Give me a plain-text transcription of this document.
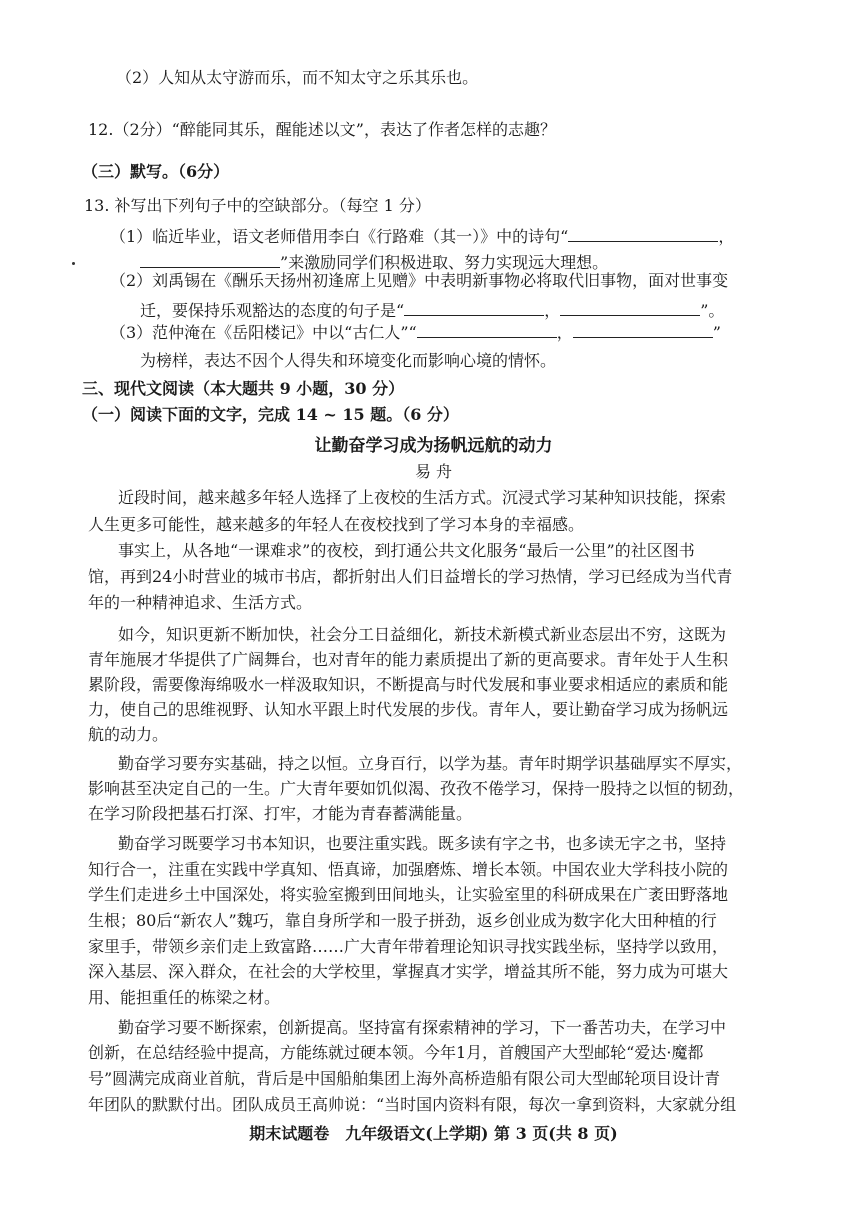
（2）人知从太守游而乐，而不知太守之乐其乐也。
12.（2分）“醉能同其乐，醒能述以文”，表达了作者怎样的志趣？
（三）默写。（6分）
13. 补写出下列句子中的空缺部分。（每空 1 分）
（1）临近毕业，语文老师借用李白《行路难（其一）》中的诗句“	，
”来激励同学们积极进取、努力实现远大理想。
（2）刘禹锡在《酬乐天扬州初逢席上见赠》中表明新事物必将取代旧事物，面对世事变
迁，要保持乐观豁达的态度的句子是“	，	”。
（3）范仲淹在《岳阳楼记》中以“古仁人”“	，	”
为榜样，表达不因个人得失和环境变化而影响心境的情怀。
三、现代文阅读（本大题共 9 小题，30 分）
（一）阅读下面的文字，完成 14 ~ 15 题。（6 分）
让勤奋学习成为扬帆远航的动力
易 舟
近段时间，越来越多年轻人选择了上夜校的生活方式。沉浸式学习某种知识技能，探索
人生更多可能性，越来越多的年轻人在夜校找到了学习本身的幸福感。
事实上，从各地“一课难求”的夜校，到打通公共文化服务“最后一公里”的社区图书
馆，再到24小时营业的城市书店，都折射出人们日益增长的学习热情，学习已经成为当代青
年的一种精神追求、生活方式。
如今，知识更新不断加快，社会分工日益细化，新技术新模式新业态层出不穷，这既为
青年施展才华提供了广阔舞台，也对青年的能力素质提出了新的更高要求。青年处于人生积
累阶段，需要像海绵吸水一样汲取知识，不断提高与时代发展和事业要求相适应的素质和能
力，使自己的思维视野、认知水平跟上时代发展的步伐。青年人，要让勤奋学习成为扬帆远
航的动力。
勤奋学习要夯实基础，持之以恒。立身百行，以学为基。青年时期学识基础厚实不厚实，
影响甚至决定自己的一生。广大青年要如饥似渴、孜孜不倦学习，保持一股持之以恒的韧劲，
在学习阶段把基石打深、打牢，才能为青春蓄满能量。
勤奋学习既要学习书本知识，也要注重实践。既多读有字之书，也多读无字之书，坚持
知行合一，注重在实践中学真知、悟真谛，加强磨炼、增长本领。中国农业大学科技小院的
学生们走进乡土中国深处，将实验室搬到田间地头，让实验室里的科研成果在广袤田野落地
生根；80后“新农人”魏巧，靠自身所学和一股子拼劲，返乡创业成为数字化大田种植的行
家里手，带领乡亲们走上致富路……广大青年带着理论知识寻找实践坐标，坚持学以致用，
深入基层、深入群众，在社会的大学校里，掌握真才实学，增益其所不能，努力成为可堪大
用、能担重任的栋梁之材。
勤奋学习要不断探索，创新提高。坚持富有探索精神的学习，下一番苦功夫，在学习中
创新，在总结经验中提高，方能练就过硬本领。今年1月，首艘国产大型邮轮“爱达·魔都
号”圆满完成商业首航，背后是中国船舶集团上海外高桥造船有限公司大型邮轮项目设计青
年团队的默默付出。团队成员王高帅说：“当时国内资料有限，每次一拿到资料，大家就分组
期末试题卷　九年级语文(上学期) 第 3 页(共 8 页)
